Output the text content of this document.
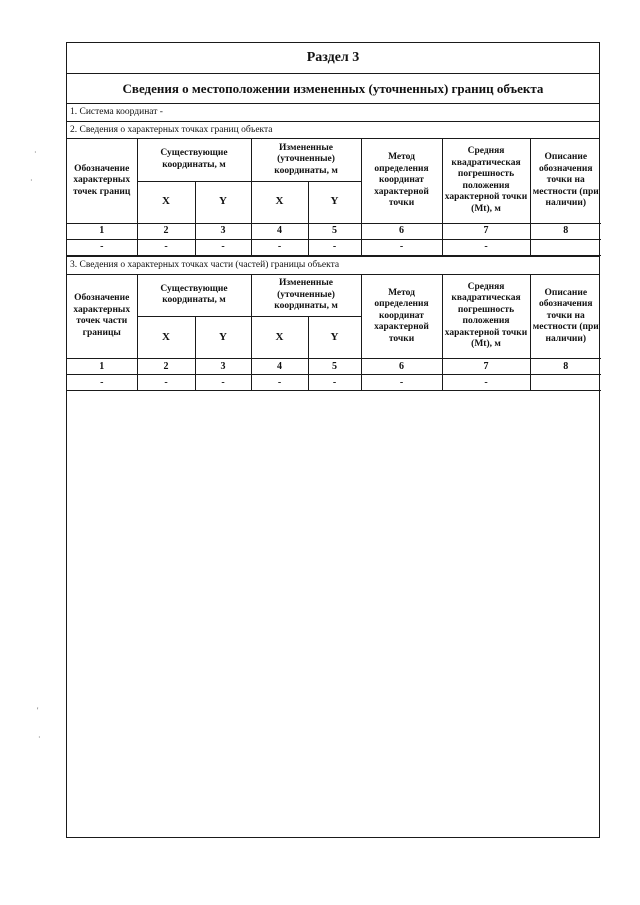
·
·
'
·
Раздел 3
Сведения о местоположении измененных (уточненных) границ объекта
1. Система координат -
2. Сведения о характерных точках границ объекта
Обозначение характерных точек границ	Существующие координаты, м		Измененные (уточненные) координаты, м		Метод определения координат характерной точки	Средняя квадратическая погрешность положения характерной точки (Mt), м	Описание обозначения точки на местности (при наличии)
	X	Y	X	Y			
1	2	3	4	5	6	7	8
-	-	-	-	-	-	-	
3. Сведения о характерных точках части (частей) границы объекта
Обозначение характерных точек части границы	Существующие координаты, м		Измененные (уточненные) координаты, м		Метод определения координат характерной точки	Средняя квадратическая погрешность положения характерной точки (Mt), м	Описание обозначения точки на местности (при наличии)
	X	Y	X	Y			
1	2	3	4	5	6	7	8
-	-	-	-	-	-	-	
